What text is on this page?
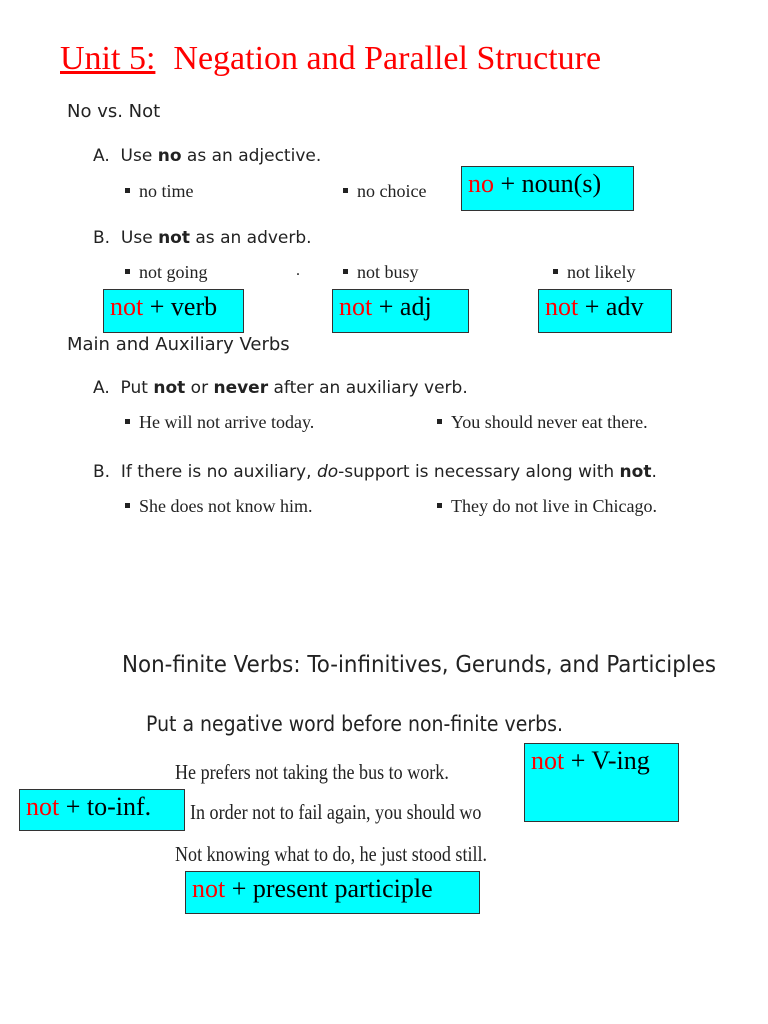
Unit 5: Negation and Parallel Structure
No vs. Not
A. Use no as an adjective.
no time	no choice
B. Use not as an adverb.
not going	.	not busy	not likely
Main and Auxiliary Verbs
A. Put not or never after an auxiliary verb.
He will not arrive today.	You should never eat there.
B. If there is no auxiliary, do-support is necessary along with not.
She does not know him.	They do not live in Chicago.
Non-finite Verbs: To-infinitives, Gerunds, and Participles
Put a negative word before non-finite verbs.
He prefers not taking the bus to work.
In order not to fail again, you should wo
Not knowing what to do, he just stood still.
no + noun(s)
not + verb	not + adj	not + adv
not + V-ing
not + to-inf.
not + present participle
